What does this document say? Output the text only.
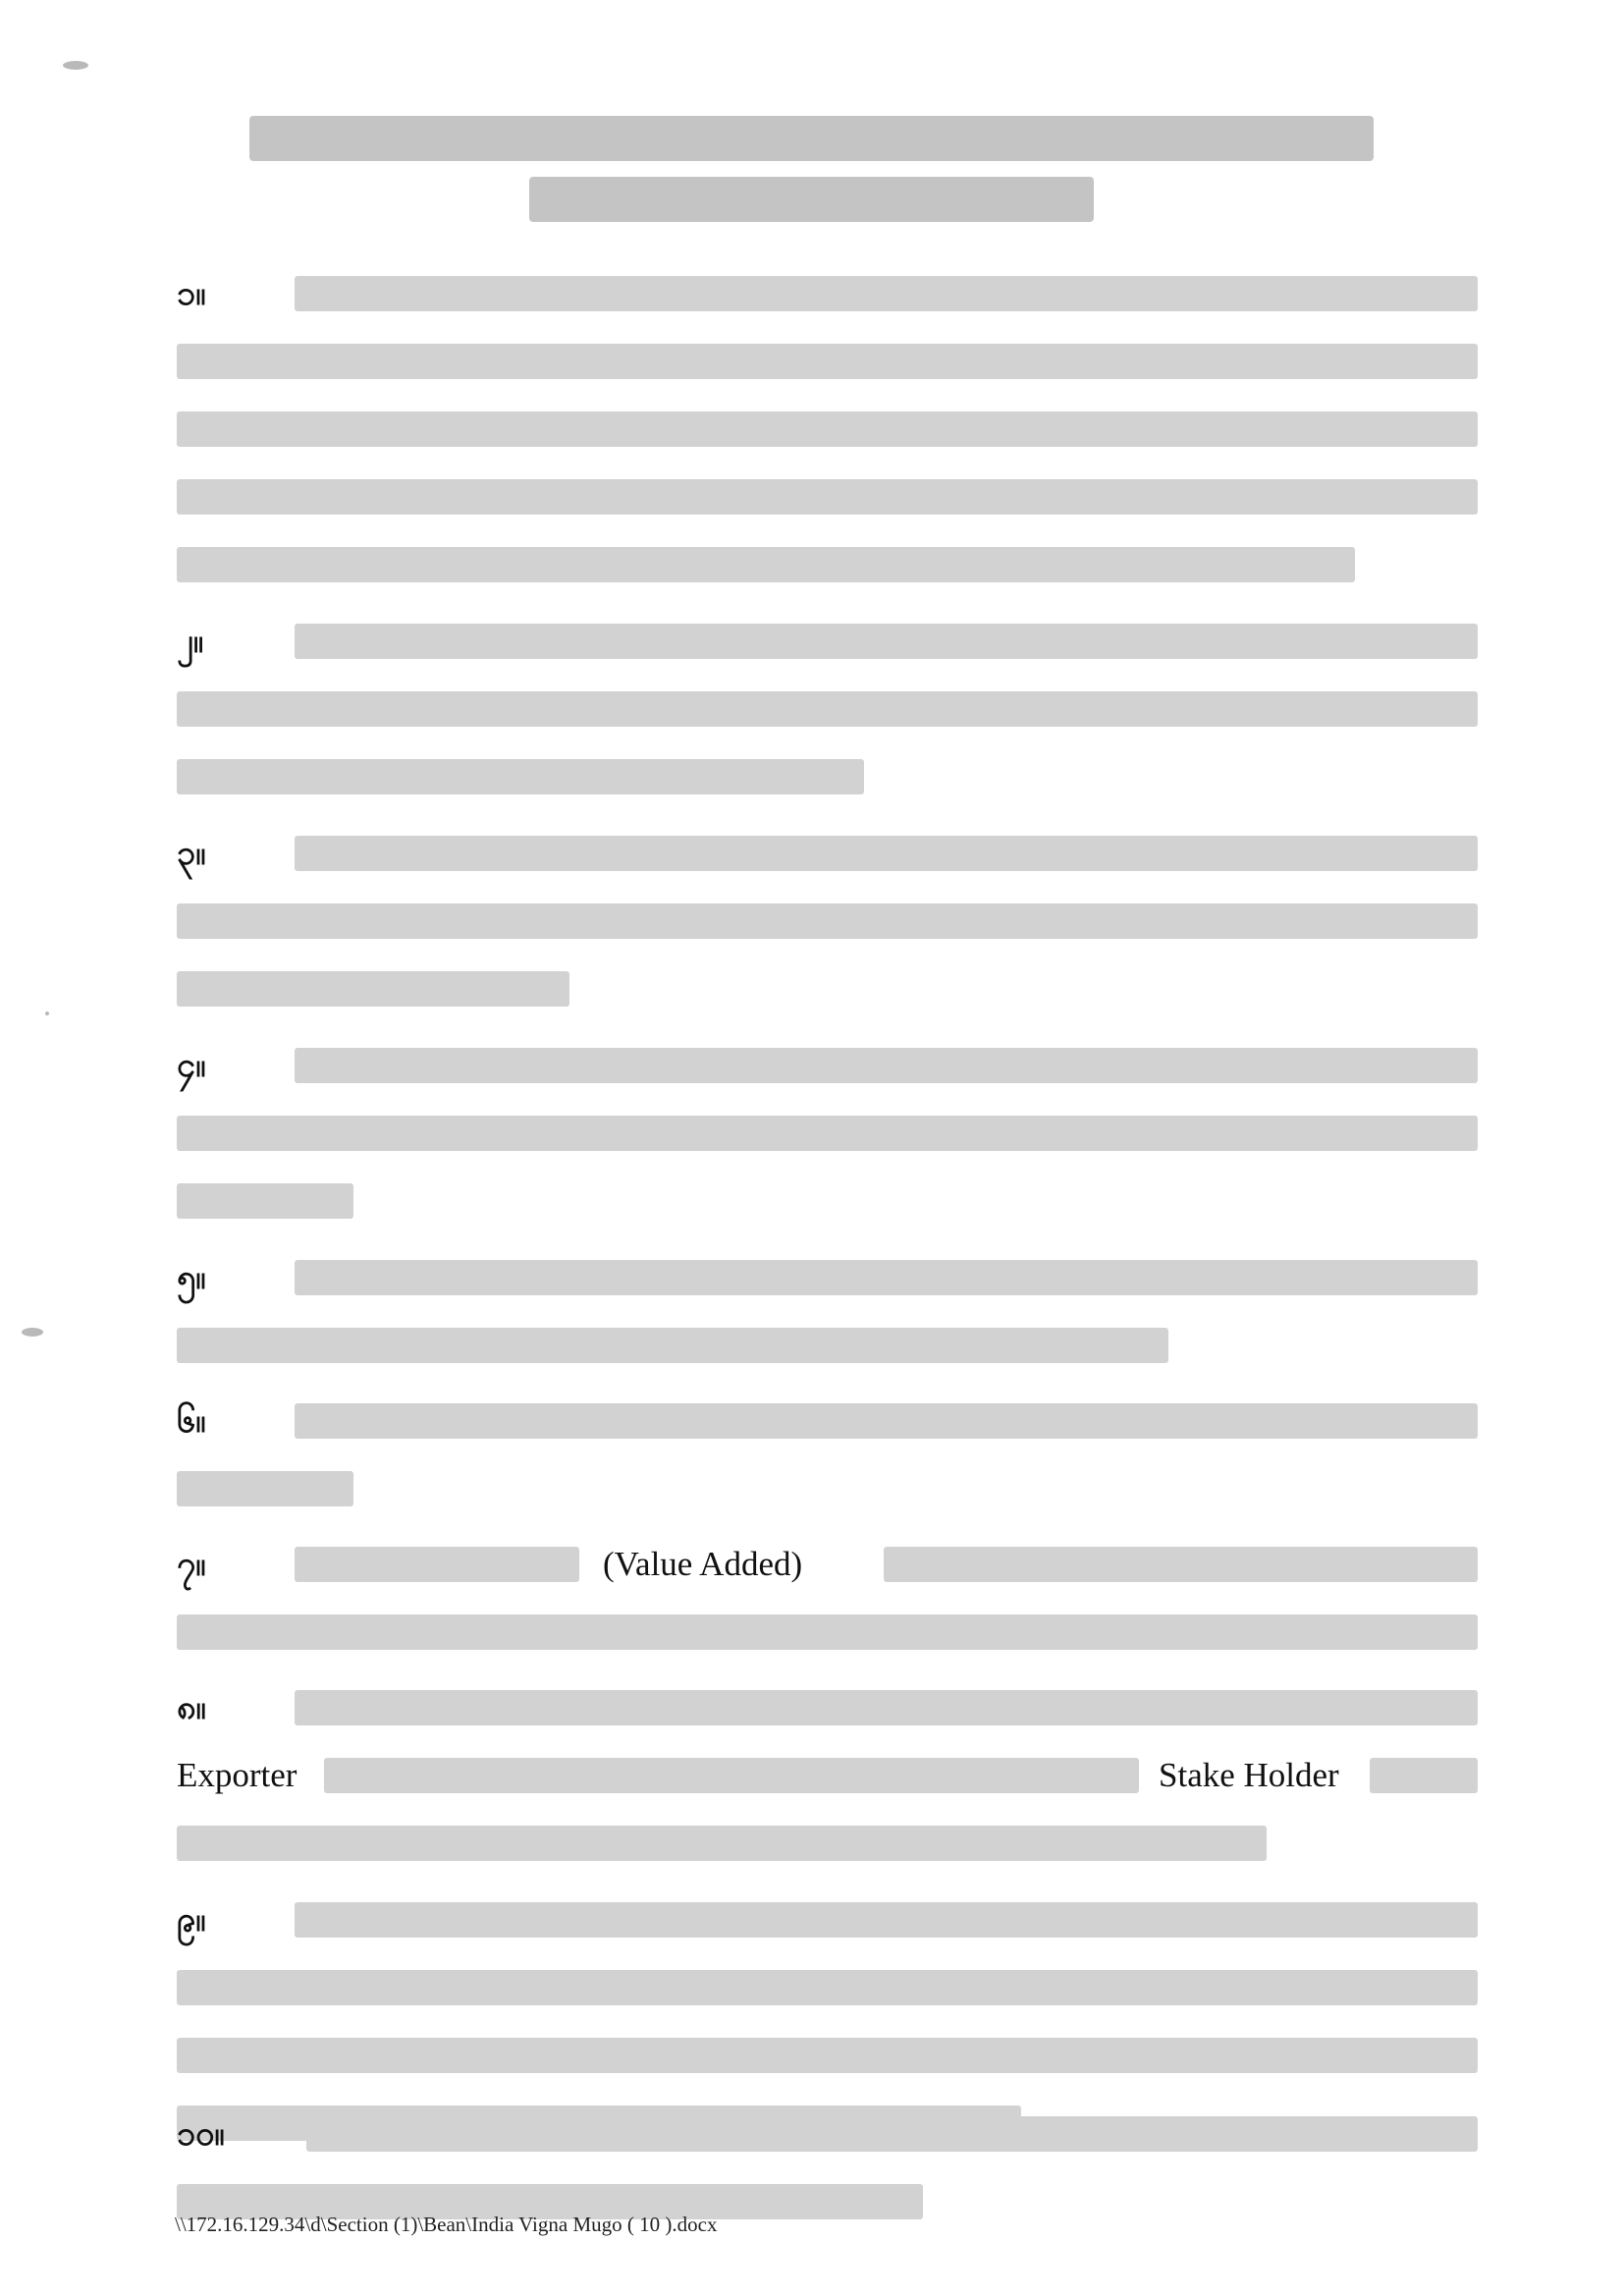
၁။
၂။
၃။
၄။
၅။
၆။
၇။	(Value Added)
၈။
Exporter	Stake Holder
၉။
၁၀။
\\172.16.129.34\d\Section (1)\Bean\India Vigna Mugo ( 10 ).docx
